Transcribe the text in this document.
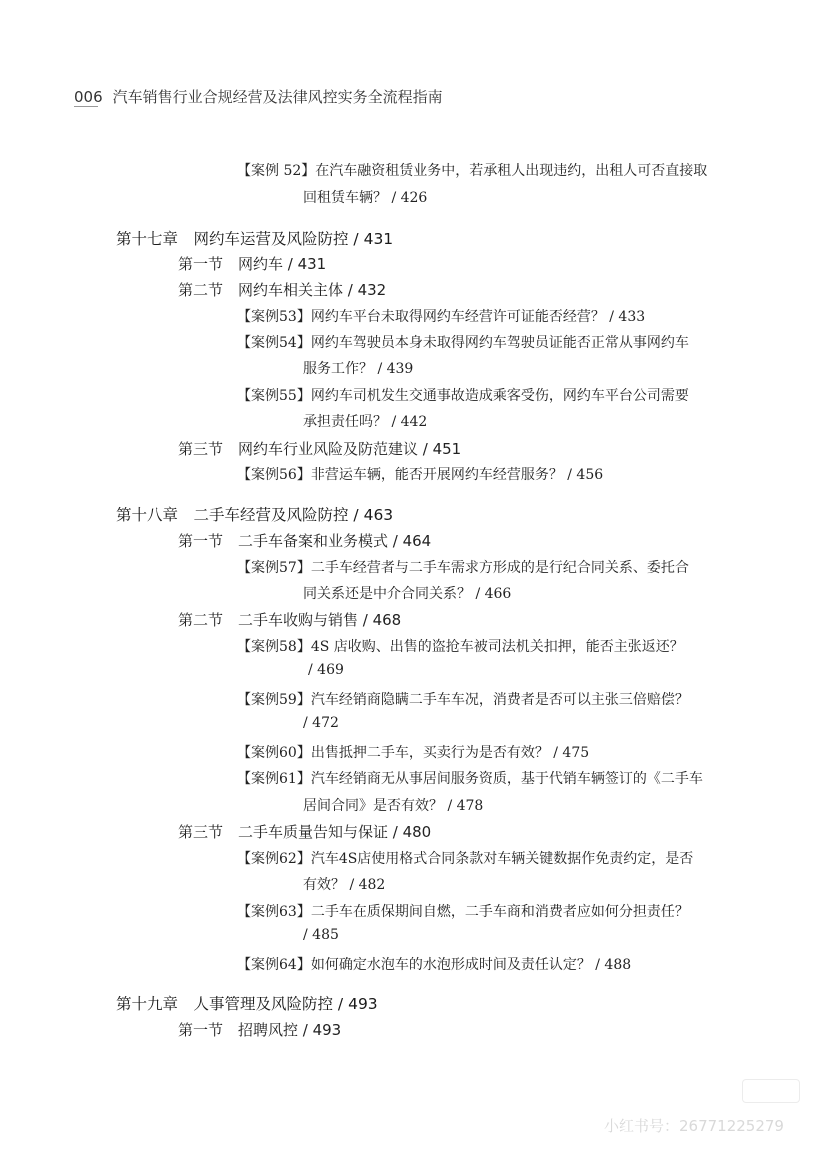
006 汽车销售行业合规经营及法律风控实务全流程指南
【案例 52】在汽车融资租赁业务中，若承租人出现违约，出租人可否直接取
回租赁车辆？ / 426
第十七章　网约车运营及风险防控 / 431
第一节　网约车 / 431
第二节　网约车相关主体 / 432
【案例53】网约车平台未取得网约车经营许可证能否经营？ / 433
【案例54】网约车驾驶员本身未取得网约车驾驶员证能否正常从事网约车
服务工作？ / 439
【案例55】网约车司机发生交通事故造成乘客受伤，网约车平台公司需要
承担责任吗？ / 442
第三节　网约车行业风险及防范建议 / 451
【案例56】非营运车辆，能否开展网约车经营服务？ / 456
第十八章　二手车经营及风险防控 / 463
第一节　二手车备案和业务模式 / 464
【案例57】二手车经营者与二手车需求方形成的是行纪合同关系、委托合
同关系还是中介合同关系？ / 466
第二节　二手车收购与销售 / 468
【案例58】4S 店收购、出售的盗抢车被司法机关扣押，能否主张返还？
/ 469
【案例59】汽车经销商隐瞒二手车车况，消费者是否可以主张三倍赔偿？
/ 472
【案例60】出售抵押二手车，买卖行为是否有效？ / 475
【案例61】汽车经销商无从事居间服务资质，基于代销车辆签订的《二手车
居间合同》是否有效？ / 478
第三节　二手车质量告知与保证 / 480
【案例62】汽车4S店使用格式合同条款对车辆关键数据作免责约定，是否
有效？ / 482
【案例63】二手车在质保期间自燃，二手车商和消费者应如何分担责任？
/ 485
【案例64】如何确定水泡车的水泡形成时间及责任认定？ / 488
第十九章　人事管理及风险防控 / 493
第一节　招聘风控 / 493
小红书号：26771225279
